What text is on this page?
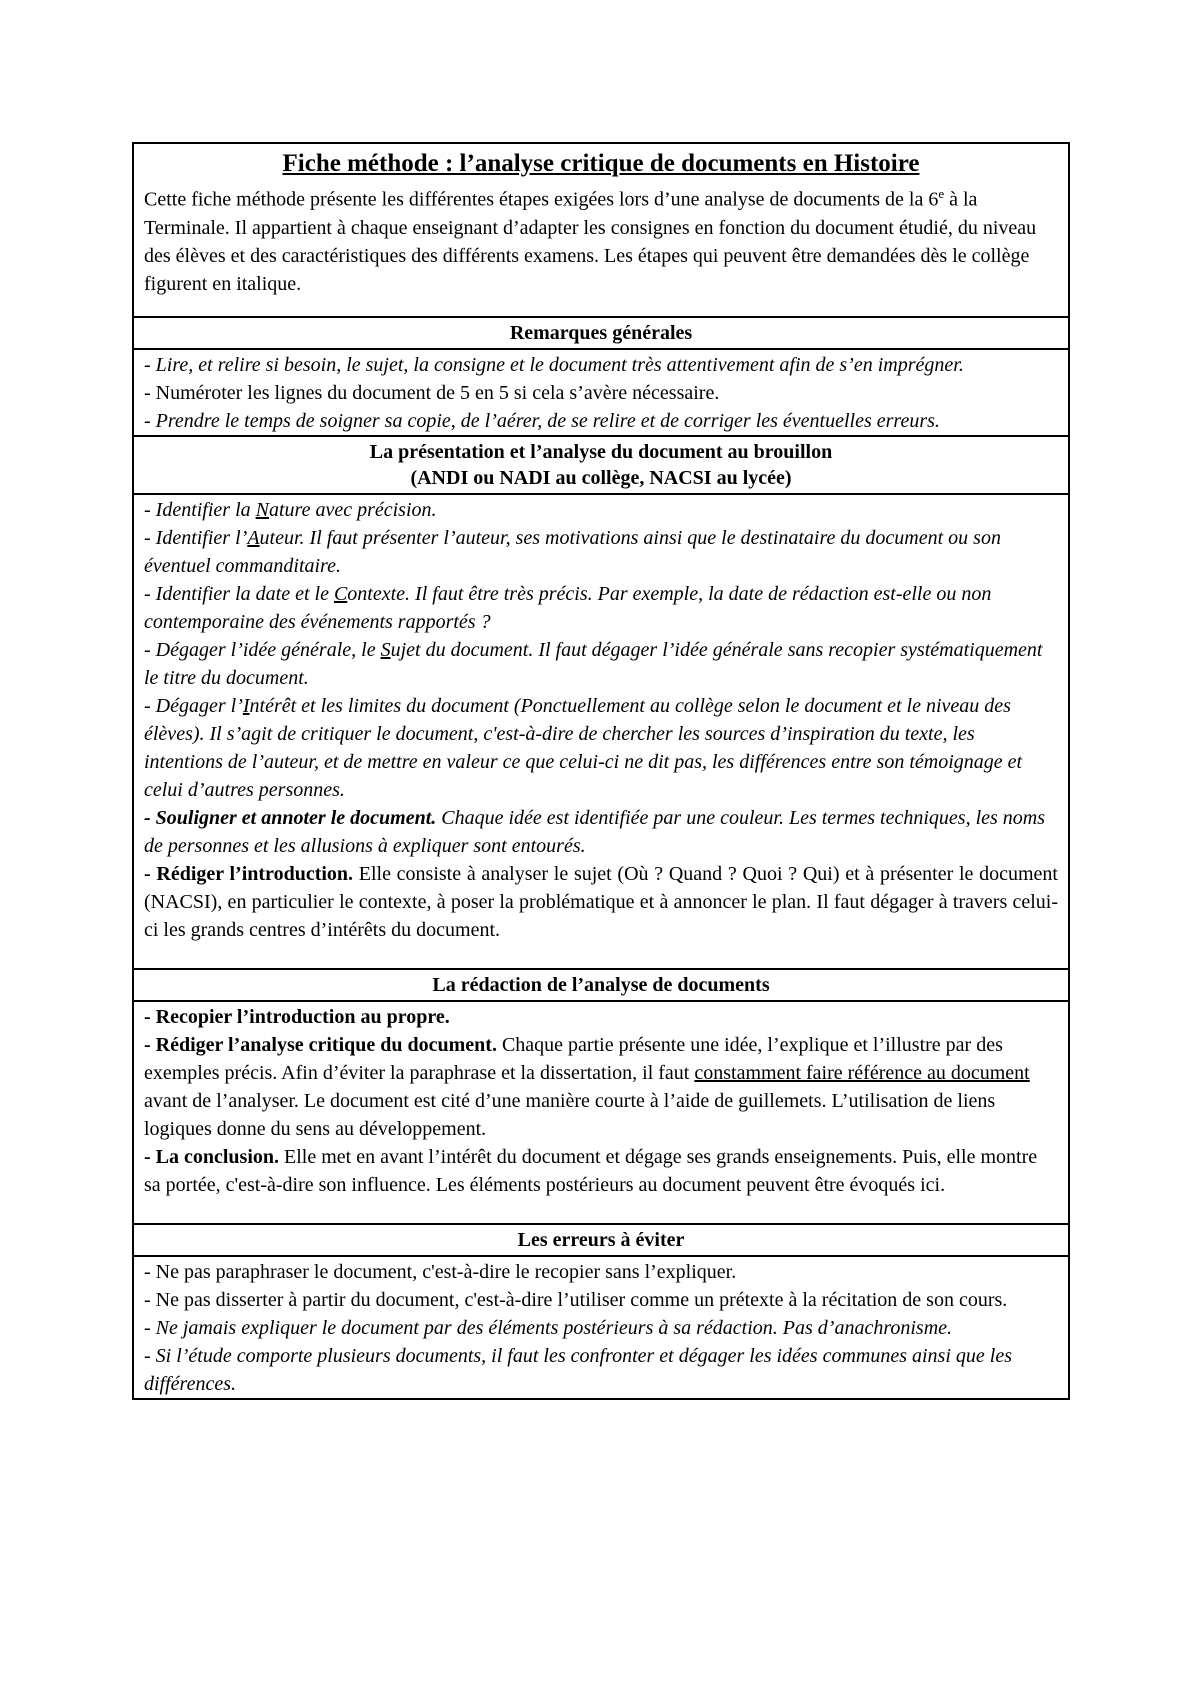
Fiche méthode : l’analyse critique de documents en Histoire

Cette fiche méthode présente les différentes étapes exigées lors d’une analyse de documents de la 6e à la Terminale. Il appartient à chaque enseignant d’adapter les consignes en fonction du document étudié, du niveau des élèves et des caractéristiques des différents examens. Les étapes qui peuvent être demandées dès le collège figurent en italique.

Remarques générales

- Lire, et relire si besoin, le sujet, la consigne et le document très attentivement afin de s’en imprégner.

- Numéroter les lignes du document de 5 en 5 si cela s’avère nécessaire.

- Prendre le temps de soigner sa copie, de l’aérer, de se relire et de corriger les éventuelles erreurs.

La présentation et l’analyse du document au brouillon
(ANDI ou NADI au collège, NACSI au lycée)

- Identifier la Nature avec précision.

- Identifier l’Auteur. Il faut présenter l’auteur, ses motivations ainsi que le destinataire du document ou son éventuel commanditaire.

- Identifier la date et le Contexte. Il faut être très précis. Par exemple, la date de rédaction est-elle ou non contemporaine des événements rapportés ?

- Dégager l’idée générale, le Sujet du document. Il faut dégager l’idée générale sans recopier systématiquement le titre du document.

- Dégager l’Intérêt et les limites du document (Ponctuellement au collège selon le document et le niveau des élèves). Il s’agit de critiquer le document, c'est-à-dire de chercher les sources d’inspiration du texte, les intentions de l’auteur, et de mettre en valeur ce que celui-ci ne dit pas, les différences entre son témoignage et celui d’autres personnes.

- Souligner et annoter le document. Chaque idée est identifiée par une couleur. Les termes techniques, les noms de personnes et les allusions à expliquer sont entourés.

- Rédiger l’introduction. Elle consiste à analyser le sujet (Où ? Quand ? Quoi ? Qui) et à présenter le document (NACSI), en particulier le contexte, à poser la problématique et à annoncer le plan. Il faut dégager à travers celui-ci les grands centres d’intérêts du document.

La rédaction de l’analyse de documents

- Recopier l’introduction au propre.

- Rédiger l’analyse critique du document. Chaque partie présente une idée, l’explique et l’illustre par des exemples précis. Afin d’éviter la paraphrase et la dissertation, il faut constamment faire référence au document avant de l’analyser. Le document est cité d’une manière courte à l’aide de guillemets. L’utilisation de liens logiques donne du sens au développement.

- La conclusion. Elle met en avant l’intérêt du document et dégage ses grands enseignements. Puis, elle montre sa portée, c'est-à-dire son influence. Les éléments postérieurs au document peuvent être évoqués ici.

Les erreurs à éviter

- Ne pas paraphraser le document, c'est-à-dire le recopier sans l’expliquer.

- Ne pas disserter à partir du document, c'est-à-dire l’utiliser comme un prétexte à la récitation de son cours.

- Ne jamais expliquer le document par des éléments postérieurs à sa rédaction. Pas d’anachronisme.

- Si l’étude comporte plusieurs documents, il faut les confronter et dégager les idées communes ainsi que les différences.
